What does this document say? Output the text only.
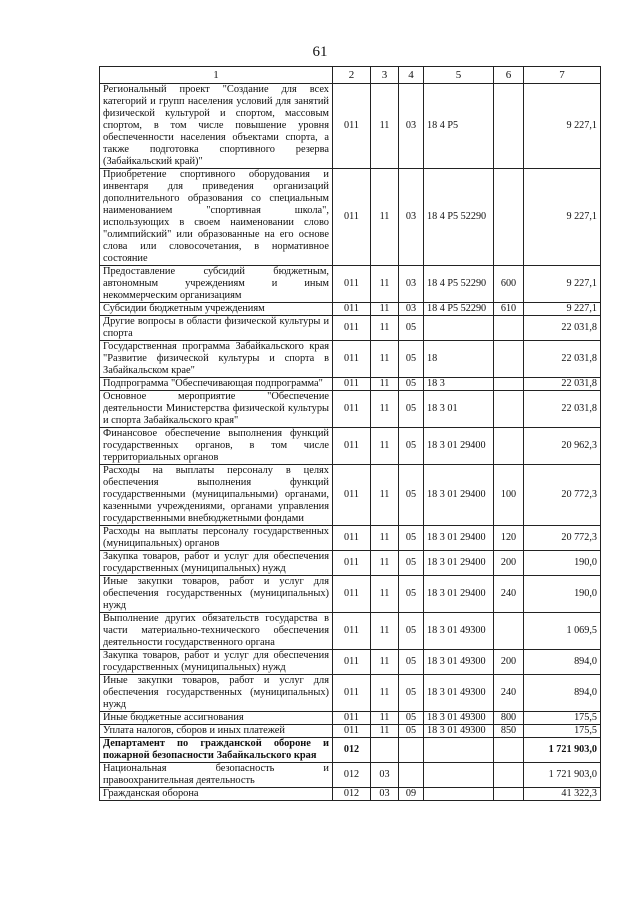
61
1	2	3	4	5	6	7
Региональный проект "Создание для всех категорий и групп населения условий для занятий физической культурой и спортом, массовым спортом, в том числе повышение уровня обеспеченности населения объектами спорта, а также подготовка спортивного резерва (Забайкальский край)"	011	11	03	18 4 P5		9 227,1
Приобретение спортивного оборудования и инвентаря для приведения организаций дополнительного образования со специальным наименованием "спортивная школа", использующих в своем наименовании слово "олимпийский" или образованные на его основе слова или словосочетания, в нормативное состояние	011	11	03	18 4 P5 52290		9 227,1
Предоставление субсидий бюджетным, автономным учреждениям и иным некоммерческим организациям	011	11	03	18 4 P5 52290	600	9 227,1
Субсидии бюджетным учреждениям	011	11	03	18 4 P5 52290	610	9 227,1
Другие вопросы в области физической культуры и спорта	011	11	05			22 031,8
Государственная программа Забайкальского края "Развитие физической культуры и спорта в Забайкальском крае"	011	11	05	18		22 031,8
Подпрограмма "Обеспечивающая подпрограмма"	011	11	05	18 3		22 031,8
Основное мероприятие "Обеспечение деятельности Министерства физической культуры и спорта Забайкальского края"	011	11	05	18 3 01		22 031,8
Финансовое обеспечение выполнения функций государственных органов, в том числе территориальных органов	011	11	05	18 3 01 29400		20 962,3
Расходы на выплаты персоналу в целях обеспечения выполнения функций государственными (муниципальными) органами, казенными учреждениями, органами управления государственными внебюджетными фондами	011	11	05	18 3 01 29400	100	20 772,3
Расходы на выплаты персоналу государственных (муниципальных) органов	011	11	05	18 3 01 29400	120	20 772,3
Закупка товаров, работ и услуг для обеспечения государственных (муниципальных) нужд	011	11	05	18 3 01 29400	200	190,0
Иные закупки товаров, работ и услуг для обеспечения государственных (муниципальных) нужд	011	11	05	18 3 01 29400	240	190,0
Выполнение других обязательств государства в части материально-технического обеспечения деятельности государственного органа	011	11	05	18 3 01 49300		1 069,5
Закупка товаров, работ и услуг для обеспечения государственных (муниципальных) нужд	011	11	05	18 3 01 49300	200	894,0
Иные закупки товаров, работ и услуг для обеспечения государственных (муниципальных) нужд	011	11	05	18 3 01 49300	240	894,0
Иные бюджетные ассигнования	011	11	05	18 3 01 49300	800	175,5
Уплата налогов, сборов и иных платежей	011	11	05	18 3 01 49300	850	175,5
Департамент по гражданской обороне и пожарной безопасности Забайкальского края	012					1 721 903,0
Национальная безопасность и правоохранительная деятельность	012	03				1 721 903,0
Гражданская оборона	012	03	09			41 322,3
